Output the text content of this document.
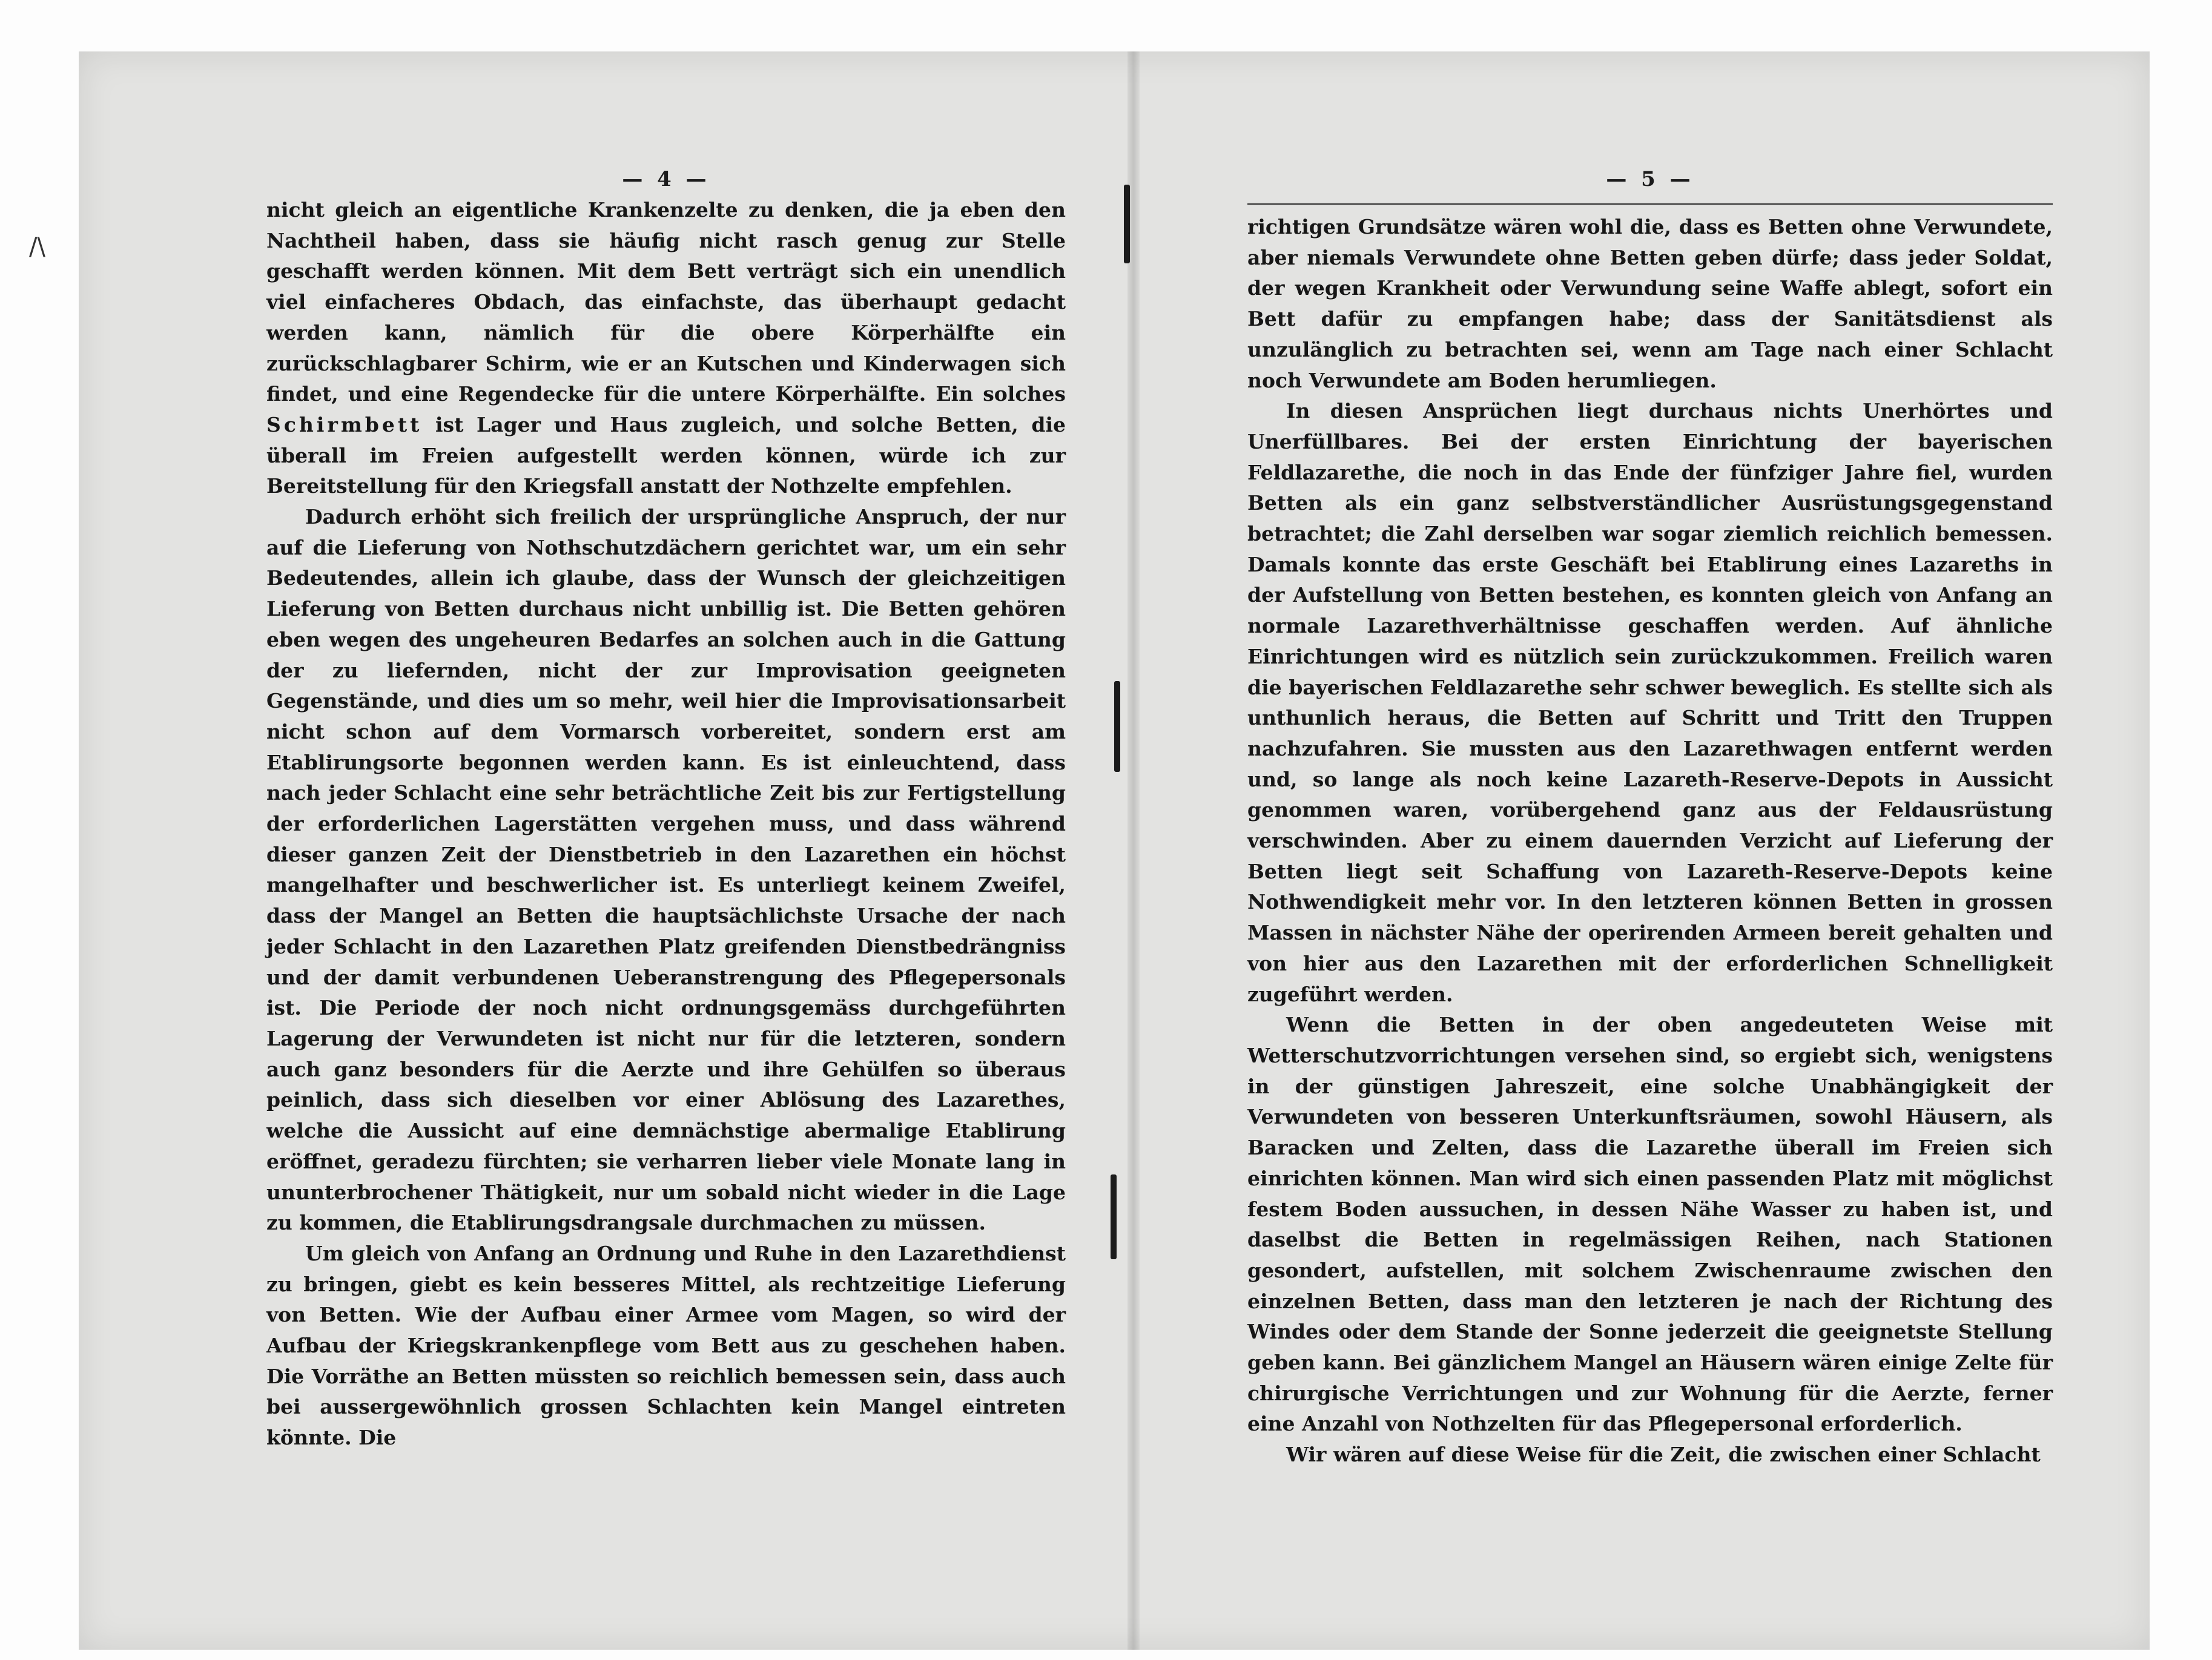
— 4 —

nicht gleich an eigentliche Krankenzelte zu denken, die ja eben den Nachtheil haben, dass sie häufig nicht rasch genug zur Stelle geschafft werden können. Mit dem Bett verträgt sich ein unendlich viel einfacheres Obdach, das einfachste, das überhaupt gedacht werden kann, nämlich für die obere Körperhälfte ein zurückschlagbarer Schirm, wie er an Kutschen und Kinderwagen sich findet, und eine Regendecke für die untere Körperhälfte. Ein solches Schirmbett ist Lager und Haus zugleich, und solche Betten, die überall im Freien aufgestellt werden können, würde ich zur Bereitstellung für den Kriegsfall anstatt der Nothzelte empfehlen.

Dadurch erhöht sich freilich der ursprüngliche Anspruch, der nur auf die Lieferung von Nothschutzdächern gerichtet war, um ein sehr Bedeutendes, allein ich glaube, dass der Wunsch der gleichzeitigen Lieferung von Betten durchaus nicht unbillig ist. Die Betten gehören eben wegen des ungeheuren Bedarfes an solchen auch in die Gattung der zu liefernden, nicht der zur Improvisation geeigneten Gegenstände, und dies um so mehr, weil hier die Improvisationsarbeit nicht schon auf dem Vormarsch vorbereitet, sondern erst am Etablirungsorte begonnen werden kann. Es ist einleuchtend, dass nach jeder Schlacht eine sehr beträchtliche Zeit bis zur Fertigstellung der erforderlichen Lagerstätten vergehen muss, und dass während dieser ganzen Zeit der Dienstbetrieb in den Lazarethen ein höchst mangelhafter und beschwerlicher ist. Es unterliegt keinem Zweifel, dass der Mangel an Betten die hauptsächlichste Ursache der nach jeder Schlacht in den Lazarethen Platz greifenden Dienstbedrängniss und der damit verbundenen Ueberanstrengung des Pflegepersonals ist. Die Periode der noch nicht ordnungsgemäss durchgeführten Lagerung der Verwundeten ist nicht nur für die letzteren, sondern auch ganz besonders für die Aerzte und ihre Gehülfen so überaus peinlich, dass sich dieselben vor einer Ablösung des Lazarethes, welche die Aussicht auf eine demnächstige abermalige Etablirung eröffnet, geradezu fürchten; sie verharren lieber viele Monate lang in ununterbrochener Thätigkeit, nur um sobald nicht wieder in die Lage zu kommen, die Etablirungsdrangsale durchmachen zu müssen.

Um gleich von Anfang an Ordnung und Ruhe in den Lazarethdienst zu bringen, giebt es kein besseres Mittel, als rechtzeitige Lieferung von Betten. Wie der Aufbau einer Armee vom Magen, so wird der Aufbau der Kriegskrankenpflege vom Bett aus zu geschehen haben. Die Vorräthe an Betten müssten so reichlich bemessen sein, dass auch bei aussergewöhnlich grossen Schlachten kein Mangel eintreten könnte. Die

— 5 —

richtigen Grundsätze wären wohl die, dass es Betten ohne Verwundete, aber niemals Verwundete ohne Betten geben dürfe; dass jeder Soldat, der wegen Krankheit oder Verwundung seine Waffe ablegt, sofort ein Bett dafür zu empfangen habe; dass der Sanitätsdienst als unzulänglich zu betrachten sei, wenn am Tage nach einer Schlacht noch Verwundete am Boden herumliegen.

In diesen Ansprüchen liegt durchaus nichts Unerhörtes und Unerfüllbares. Bei der ersten Einrichtung der bayerischen Feldlazarethe, die noch in das Ende der fünfziger Jahre fiel, wurden Betten als ein ganz selbstverständlicher Ausrüstungsgegenstand betrachtet; die Zahl derselben war sogar ziemlich reichlich bemessen. Damals konnte das erste Geschäft bei Etablirung eines Lazareths in der Aufstellung von Betten bestehen, es konnten gleich von Anfang an normale Lazarethverhältnisse geschaffen werden. Auf ähnliche Einrichtungen wird es nützlich sein zurückzukommen. Freilich waren die bayerischen Feldlazarethe sehr schwer beweglich. Es stellte sich als unthunlich heraus, die Betten auf Schritt und Tritt den Truppen nachzufahren. Sie mussten aus den Lazarethwagen entfernt werden und, so lange als noch keine Lazareth-Reserve-Depots in Aussicht genommen waren, vorübergehend ganz aus der Feldausrüstung verschwinden. Aber zu einem dauernden Verzicht auf Lieferung der Betten liegt seit Schaffung von Lazareth-Reserve-Depots keine Nothwendigkeit mehr vor. In den letzteren können Betten in grossen Massen in nächster Nähe der operirenden Armeen bereit gehalten und von hier aus den Lazarethen mit der erforderlichen Schnelligkeit zugeführt werden.

Wenn die Betten in der oben angedeuteten Weise mit Wetterschutzvorrichtungen versehen sind, so ergiebt sich, wenigstens in der günstigen Jahreszeit, eine solche Unabhängigkeit der Verwundeten von besseren Unterkunftsräumen, sowohl Häusern, als Baracken und Zelten, dass die Lazarethe überall im Freien sich einrichten können. Man wird sich einen passenden Platz mit möglichst festem Boden aussuchen, in dessen Nähe Wasser zu haben ist, und daselbst die Betten in regelmässigen Reihen, nach Stationen gesondert, aufstellen, mit solchem Zwischenraume zwischen den einzelnen Betten, dass man den letzteren je nach der Richtung des Windes oder dem Stande der Sonne jederzeit die geeignetste Stellung geben kann. Bei gänzlichem Mangel an Häusern wären einige Zelte für chirurgische Verrichtungen und zur Wohnung für die Aerzte, ferner eine Anzahl von Nothzelten für das Pflegepersonal erforderlich.

Wir wären auf diese Weise für die Zeit, die zwischen einer Schlacht

/\
